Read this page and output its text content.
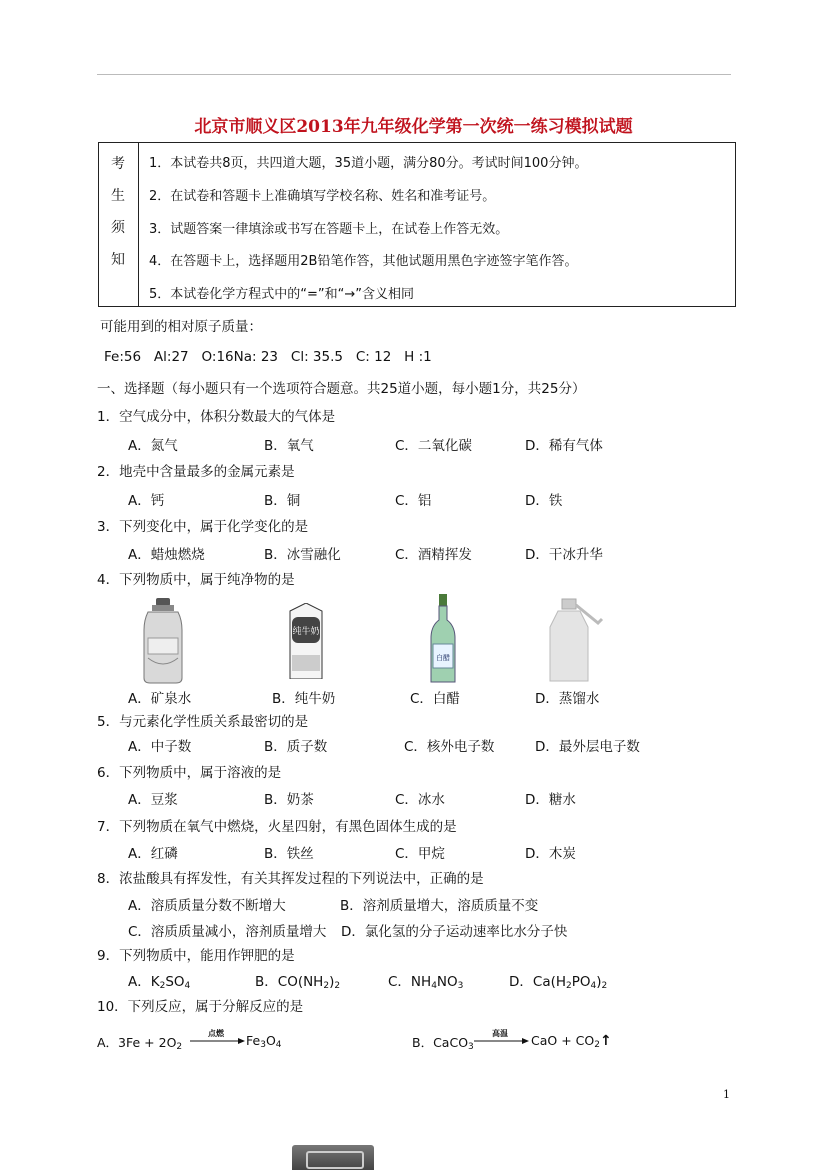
北京市顺义区2013年九年级化学第一次统一练习模拟试题
考
生
须
知
1．本试卷共8页，共四道大题，35道小题，满分80分。考试时间100分钟。
2．在试卷和答题卡上准确填写学校名称、姓名和准考证号。
3．试题答案一律填涂或书写在答题卡上，在试卷上作答无效。
4．在答题卡上，选择题用2B铅笔作答，其他试题用黑色字迹签字笔作答。
5．本试卷化学方程式中的“=”和“→”含义相同
可能用到的相对原子质量：
Fe:56   Al:27   O:16Na: 23   Cl: 35.5   C: 12   H :1
一、选择题（每小题只有一个选项符合题意。共25道小题，每小题1分，共25分）
1．空气成分中，体积分数最大的气体是
A．氮气	B．氧气	C．二氧化碳	D．稀有气体
2．地壳中含量最多的金属元素是
A．钙	B．铜	C．铝	D．铁
3．下列变化中，属于化学变化的是
A．蜡烛燃烧	B．冰雪融化	C．酒精挥发	D．干冰升华
4．下列物质中，属于纯净物的是
纯牛奶
白醋
A．矿泉水	B．纯牛奶	C．白醋	D．蒸馏水
5．与元素化学性质关系最密切的是
A．中子数	B．质子数	C．核外电子数	D．最外层电子数
6．下列物质中，属于溶液的是
A．豆浆	B．奶茶	C．冰水	D．糖水
7．下列物质在氧气中燃烧，火星四射，有黑色固体生成的是
A．红磷	B．铁丝	C．甲烷	D．木炭
8．浓盐酸具有挥发性，有关其挥发过程的下列说法中，正确的是
A．溶质质量分数不断增大	B．溶剂质量增大，溶质质量不变
C．溶质质量减小，溶剂质量增大 D．氯化氢的分子运动速率比水分子快
9．下列物质中，能用作钾肥的是
A．$K_2SO_4$	B．$CO(NH_2)_2$	C．$NH_4NO_3$	D．$Ca(H_2PO_4)_2$
10．下列反应，属于分解反应的是
A．$3Fe + 2O_2$
点燃 $Fe_3O_4$	B．CaCO$_3$
高温 CaO + $CO_2↑$
1
